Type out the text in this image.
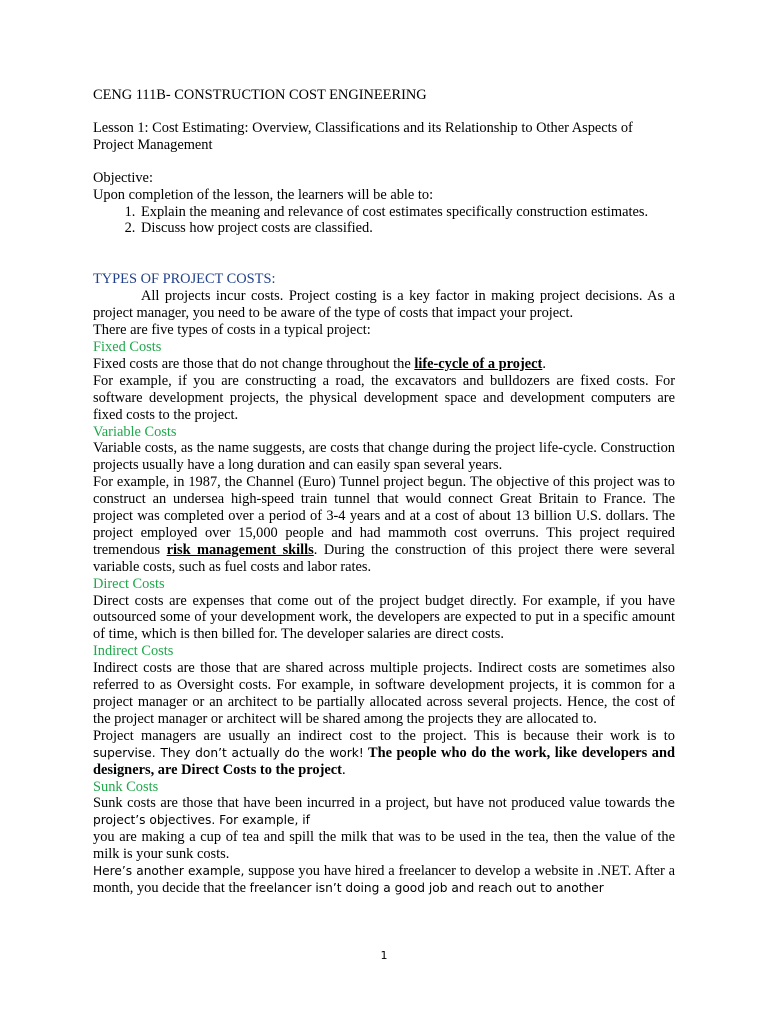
CENG 111B- CONSTRUCTION COST ENGINEERING

Lesson 1: Cost Estimating: Overview, Classifications and its Relationship to Other Aspects of Project Management

Objective:

Upon completion of the lesson, the learners will be able to:

1. Explain the meaning and relevance of cost estimates specifically construction estimates.
2. Discuss how project costs are classified.

TYPES OF PROJECT COSTS:

All projects incur costs. Project costing is a key factor in making project decisions. As a project manager, you need to be aware of the type of costs that impact your project.

There are five types of costs in a typical project:

Fixed Costs

Fixed costs are those that do not change throughout the life-cycle of a project.

For example, if you are constructing a road, the excavators and bulldozers are fixed costs. For software development projects, the physical development space and development computers are fixed costs to the project.

Variable Costs

Variable costs, as the name suggests, are costs that change during the project life-cycle. Construction projects usually have a long duration and can easily span several years.

For example, in 1987, the Channel (Euro) Tunnel project begun. The objective of this project was to construct an undersea high-speed train tunnel that would connect Great Britain to France. The project was completed over a period of 3-4 years and at a cost of about 13 billion U.S. dollars. The project employed over 15,000 people and had mammoth cost overruns. This project required tremendous risk management skills. During the construction of this project there were several variable costs, such as fuel costs and labor rates.

Direct Costs

Direct costs are expenses that come out of the project budget directly. For example, if you have outsourced some of your development work, the developers are expected to put in a specific amount of time, which is then billed for. The developer salaries are direct costs.

Indirect Costs

Indirect costs are those that are shared across multiple projects. Indirect costs are sometimes also referred to as Oversight costs. For example, in software development projects, it is common for a project manager or an architect to be partially allocated across several projects. Hence, the cost of the project manager or architect will be shared among the projects they are allocated to.

Project managers are usually an indirect cost to the project. This is because their work is to supervise. They don’t actually do the work! The people who do the work, like developers and designers, are Direct Costs to the project.

Sunk Costs

Sunk costs are those that have been incurred in a project, but have not produced value towards the project’s objectives. For example, if

you are making a cup of tea and spill the milk that was to be used in the tea, then the value of the milk is your sunk costs.

Here’s another example, suppose you have hired a freelancer to develop a website in .NET. After a month, you decide that the freelancer isn’t doing a good job and reach out to another

1
